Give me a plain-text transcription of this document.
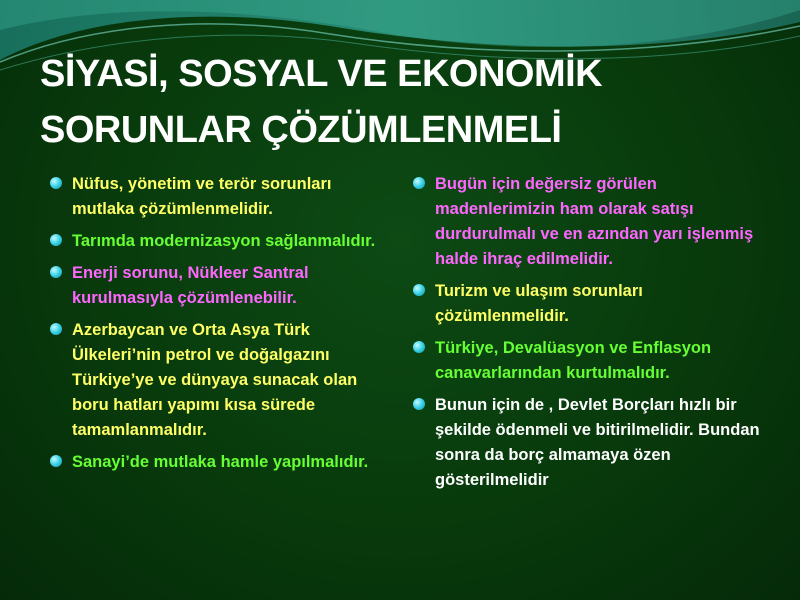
SİYASİ, SOSYAL VE EKONOMİK
SORUNLAR ÇÖZÜMLENMELİ
Nüfus, yönetim ve terör sorunları mutlaka çözümlenmelidir.
Tarımda modernizasyon sağlanmalıdır.
Enerji sorunu, Nükleer Santral kurulmasıyla çözümlenebilir.
Azerbaycan ve Orta Asya Türk Ülkeleri’nin petrol ve doğalgazını Türkiye’ye ve dünyaya sunacak olan boru hatları yapımı kısa sürede tamamlanmalıdır.
Sanayi’de mutlaka hamle yapılmalıdır.
Bugün için değersiz görülen madenlerimizin ham olarak satışı durdurulmalı ve en azından yarı işlenmiş halde ihraç edilmelidir.
Turizm ve ulaşım sorunları çözümlenmelidir.
Türkiye, Devalüasyon ve Enflasyon canavarlarından kurtulmalıdır.
Bunun için de , Devlet Borçları hızlı bir şekilde ödenmeli ve bitirilmelidir. Bundan sonra da borç almamaya özen gösterilmelidir
